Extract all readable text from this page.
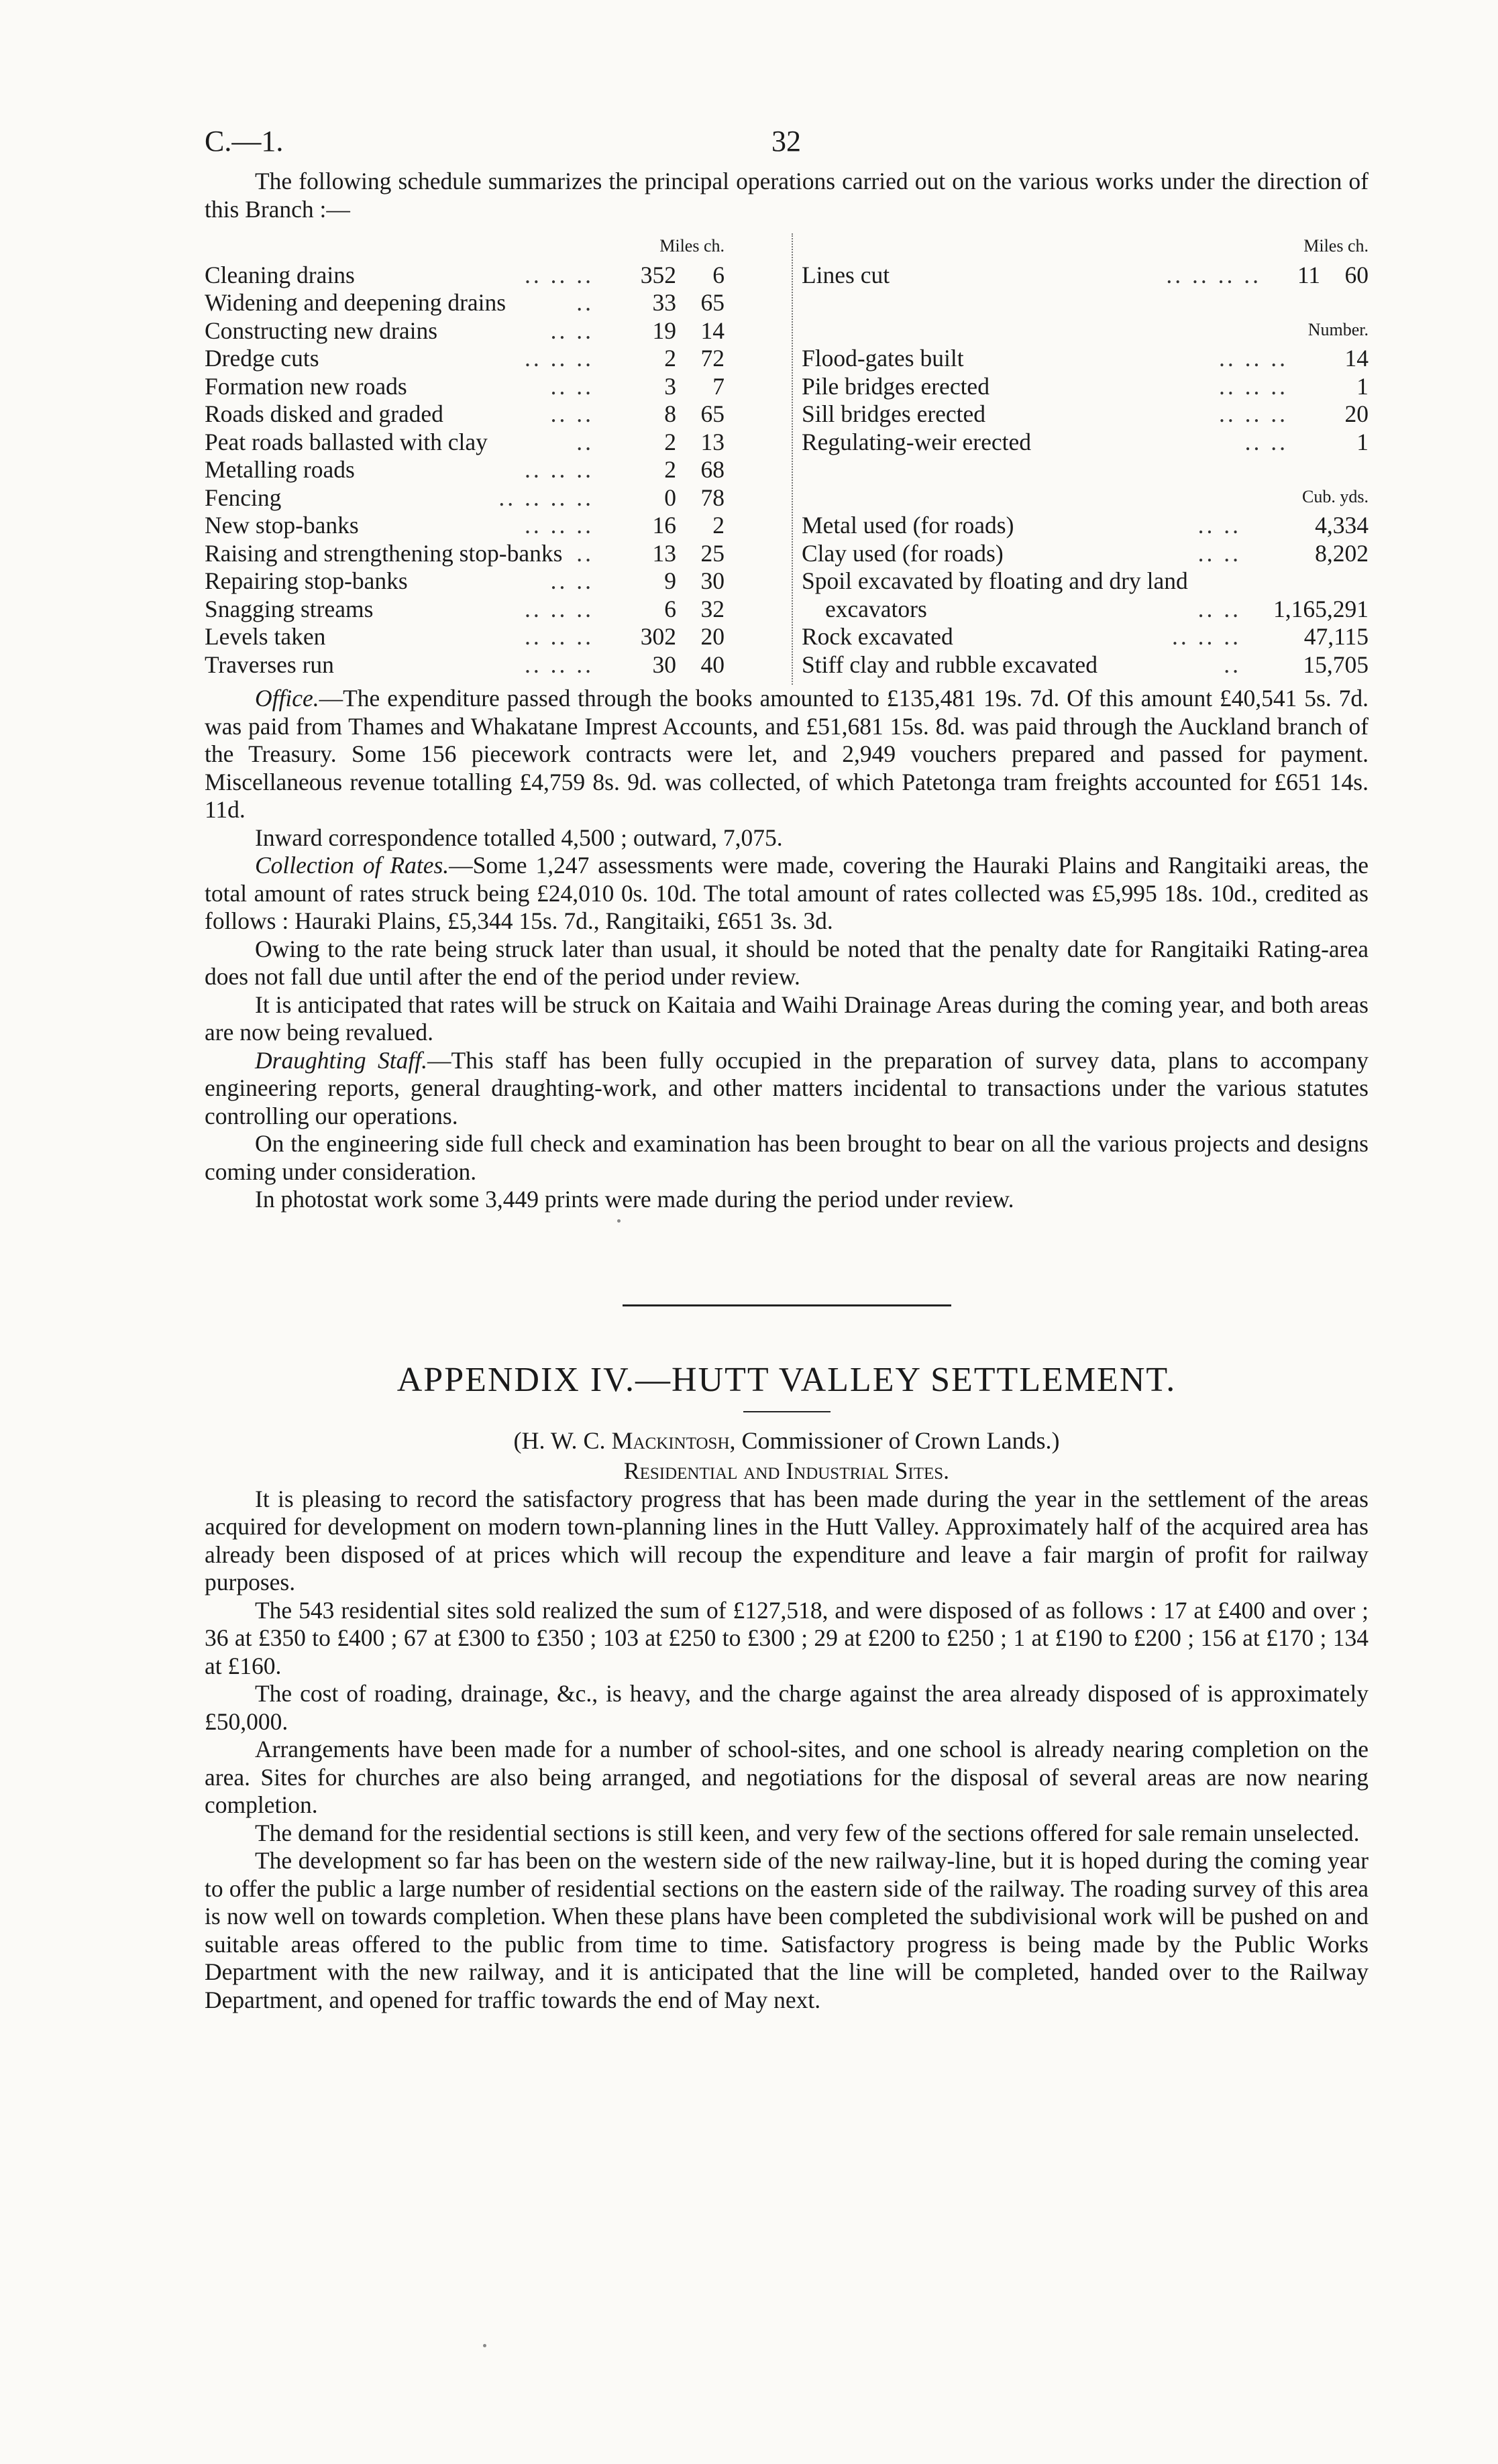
C.—1.	32

The following schedule summarizes the principal operations carried out on the various works under the direction of this Branch :—

Miles ch.
Cleaning drains	.. .. ..	352	6
Widening and deepening drains	..	33	65
Constructing new drains	.. ..	19	14
Dredge cuts	.. .. ..	2	72
Formation new roads	.. ..	3	7
Roads disked and graded	.. ..	8	65
Peat roads ballasted with clay	..	2	13
Metalling roads	.. .. ..	2	68
Fencing	.. .. .. ..	0	78
New stop-banks	.. .. ..	16	2
Raising and strengthening stop-banks ..	13	25
Repairing stop-banks	.. ..	9	30
Snagging streams	.. .. ..	6	32
Levels taken	.. .. ..	302	20
Traverses run	.. .. ..	30	40
Miles ch.
Lines cut	.. .. .. ..	11	60
Number.
Flood-gates built	.. .. ..	14
Pile bridges erected	.. .. ..	1
Sill bridges erected	.. .. ..	20
Regulating-weir erected	.. ..	1
Cub. yds.
Metal used (for roads)	.. ..	4,334
Clay used (for roads)	.. ..	8,202
Spoil excavated by floating and dry land
excavators	.. ..	1,165,291
Rock excavated	.. .. ..	47,115
Stiff clay and rubble excavated	..	15,705

Office.—The expenditure passed through the books amounted to £135,481 19s. 7d. Of this amount £40,541 5s. 7d. was paid from Thames and Whakatane Imprest Accounts, and £51,681 15s. 8d. was paid through the Auckland branch of the Treasury. Some 156 piecework contracts were let, and 2,949 vouchers prepared and passed for payment. Miscellaneous revenue totalling £4,759 8s. 9d. was collected, of which Patetonga tram freights accounted for £651 14s. 11d.

Inward correspondence totalled 4,500 ; outward, 7,075.

Collection of Rates.—Some 1,247 assessments were made, covering the Hauraki Plains and Rangitaiki areas, the total amount of rates struck being £24,010 0s. 10d. The total amount of rates collected was £5,995 18s. 10d., credited as follows : Hauraki Plains, £5,344 15s. 7d., Rangitaiki, £651 3s. 3d.

Owing to the rate being struck later than usual, it should be noted that the penalty date for Rangitaiki Rating-area does not fall due until after the end of the period under review.

It is anticipated that rates will be struck on Kaitaia and Waihi Drainage Areas during the coming year, and both areas are now being revalued.

Draughting Staff.—This staff has been fully occupied in the preparation of survey data, plans to accompany engineering reports, general draughting-work, and other matters incidental to transactions under the various statutes controlling our operations.

On the engineering side full check and examination has been brought to bear on all the various projects and designs coming under consideration.

In photostat work some 3,449 prints were made during the period under review.

APPENDIX IV.—HUTT VALLEY SETTLEMENT.
(H. W. C. Mackintosh, Commissioner of Crown Lands.)
Residential and Industrial Sites.

It is pleasing to record the satisfactory progress that has been made during the year in the settlement of the areas acquired for development on modern town-planning lines in the Hutt Valley. Approximately half of the acquired area has already been disposed of at prices which will recoup the expenditure and leave a fair margin of profit for railway purposes.

The 543 residential sites sold realized the sum of £127,518, and were disposed of as follows : 17 at £400 and over ; 36 at £350 to £400 ; 67 at £300 to £350 ; 103 at £250 to £300 ; 29 at £200 to £250 ; 1 at £190 to £200 ; 156 at £170 ; 134 at £160.

The cost of roading, drainage, &c., is heavy, and the charge against the area already disposed of is approximately £50,000.

Arrangements have been made for a number of school-sites, and one school is already nearing completion on the area. Sites for churches are also being arranged, and negotiations for the disposal of several areas are now nearing completion.

The demand for the residential sections is still keen, and very few of the sections offered for sale remain unselected.

The development so far has been on the western side of the new railway-line, but it is hoped during the coming year to offer the public a large number of residential sections on the eastern side of the railway. The roading survey of this area is now well on towards completion. When these plans have been completed the subdivisional work will be pushed on and suitable areas offered to the public from time to time. Satisfactory progress is being made by the Public Works Department with the new railway, and it is anticipated that the line will be completed, handed over to the Railway Department, and opened for traffic towards the end of May next.
